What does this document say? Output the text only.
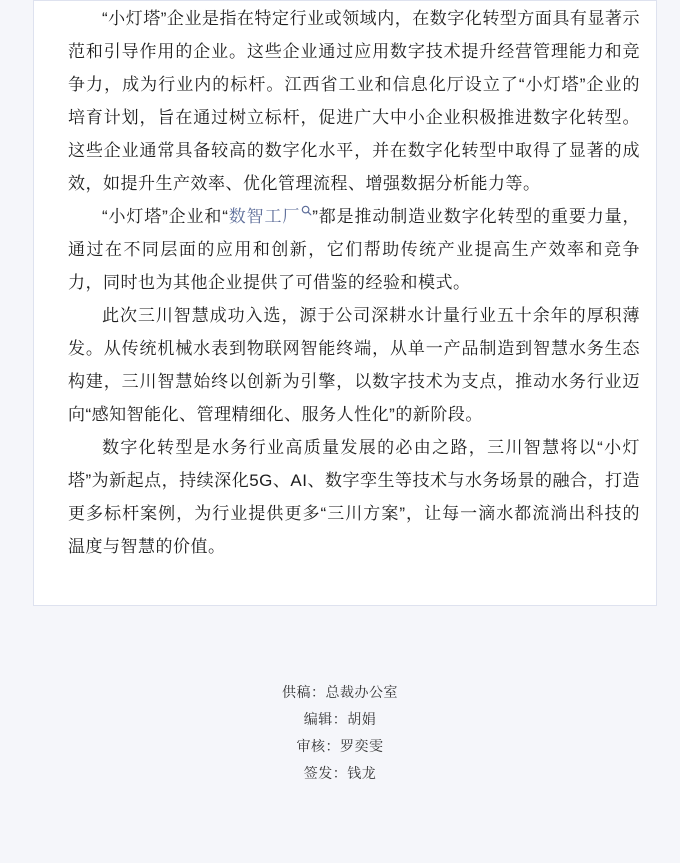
“小灯塔”企业是指在特定行业或领域内，在数字化转型方面具有显著示范和引导作用的企业。这些企业通过应用数字技术提升经营管理能力和竞争力，成为行业内的标杆。江西省工业和信息化厅设立了“小灯塔”企业的培育计划，旨在通过树立标杆，促进广大中小企业积极推进数字化转型。这些企业通常具备较高的数字化水平，并在数字化转型中取得了显著的成效，如提升生产效率、优化管理流程、增强数据分析能力等。

“小灯塔”企业和“数智工厂 ”都是推动制造业数字化转型的重要力量，通过在不同层面的应用和创新，它们帮助传统产业提高生产效率和竞争力，同时也为其他企业提供了可借鉴的经验和模式。

此次三川智慧成功入选，源于公司深耕水计量行业五十余年的厚积薄发。从传统机械水表到物联网智能终端，从单一产品制造到智慧水务生态构建，三川智慧始终以创新为引擎，以数字技术为支点，推动水务行业迈向“感知智能化、管理精细化、服务人性化”的新阶段。

数字化转型是水务行业高质量发展的必由之路，三川智慧将以“小灯塔”为新起点，持续深化5G、AI、数字孪生等技术与水务场景的融合，打造更多标杆案例，为行业提供更多“三川方案”，让每一滴水都流淌出科技的温度与智慧的价值。

供稿：总裁办公室

编辑：胡娟

审核：罗奕雯

签发：钱龙
